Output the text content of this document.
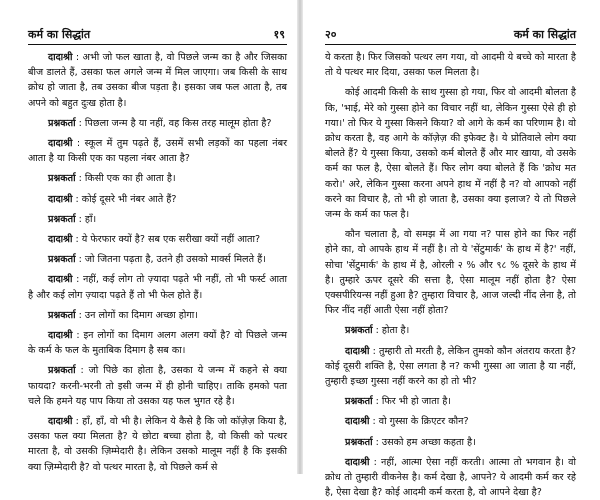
कर्म का सिद्धांत	१९

दादाश्री : अभी जो फल खाता है, वो पिछले जन्म का है और जिसका बीज डालते हैं, उसका फल अगले जन्म में मिल जाएगा। जब किसी के साथ क्रोध हो जाता है, तब उसका बीज पड़ता है। इसका जब फल आता है, तब अपने को बहुत दुःख होता है।

प्रश्नकर्ता : पिछला जन्म है या नहीं, वह किस तरह मालूम होता है?

दादाश्री : स्कूल में तुम पढ़ते हैं, उसमें सभी लड़कों का पहला नंबर आता है या किसी एक का पहला नंबर आता है?

प्रश्नकर्ता : किसी एक का ही आता है।

दादाश्री : कोई दूसरे भी नंबर आते हैं?

प्रश्नकर्ता : हाँ।

दादाश्री : ये फेरफार क्यों है? सब एक सरीखा क्यों नहीं आता?

प्रश्नकर्ता : जो जितना पढ़ता है, उतने ही उसको मार्क्स मिलते हैं।

दादाश्री : नहीं, कई लोग तो ज़्यादा पढ़ते भी नहीं, तो भी फर्स्ट आता है और कई लोग ज़्यादा पढ़ते हैं तो भी फेल होते हैं।

प्रश्नकर्ता : उन लोगों का दिमाग अच्छा होगा।

दादाश्री : इन लोगों का दिमाग अलग अलग क्यों है? वो पिछले जन्म के कर्म के फल के मुताबिक दिमाग है सब का।

प्रश्नकर्ता : जो पिछे का होता है, उसका ये जन्म में कहने से क्या फायदा? करनी-भरनी तो इसी जन्म में ही होनी चाहिए। ताकि हमको पता चले कि हमने यह पाप किया तो उसका यह फल भुगत रहे है।

दादाश्री : हाँ, हाँ, वो भी है। लेकिन ये कैसे है कि जो कॉज़ेज़ किया है, उसका फल क्या मिलता है? ये छोटा बच्चा होता है, वो किसी को पत्थर मारता है, वो उसकी ज़िम्मेदारी है। लेकिन उसको मालूम नहीं है कि इसकी क्या ज़िम्मेदारी है? वो पत्थर मारता है, वो पिछले कर्म से

२०	कर्म का सिद्धांत

ये करता है। फिर जिसको पत्थर लग गया, वो आदमी ये बच्चे को मारता है तो ये पत्थर मार दिया, उसका फल मिलता है।

कोई आदमी किसी के साथ गुस्सा हो गया, फिर वो आदमी बोलता है कि, 'भाई, मेरे को गुस्सा होने का विचार नहीं था, लेकिन गुस्सा ऐसे ही हो गया।' तो फिर ये गुस्सा किसने किया? वो आगे के कर्म का परिणाम है। वो क्रोध करता है, वह आगे के कॉज़ेज़ की इफेक्ट है। ये प्रोतिवाले लोग क्या बोलते हैं? ये गुस्सा किया, उसको कर्म बोलते हैं और मार खाया, वो उसके कर्म का फल है, ऐसा बोलते हैं। फिर लोग क्या बोलते हैं कि 'क्रोध मत करो।' अरे, लेकिन गुस्सा करना अपने हाथ में नहीं है न? वो आपको नहीं करने का विचार है, तो भी हो जाता है, उसका क्या इलाज? ये तो पिछले जन्म के कर्म का फल है।

कौन चलाता है, वो समझ में आ गया न? पास होने का फिर नहीं होने का, वो आपके हाथ में नहीं है। तो ये 'सेंटुमार्क' के हाथ में है?' नहीं, सोचा 'सेंटुमार्क' के हाथ में है, ओरली २ % और ९८ % दूसरे के हाथ में है। तुम्हारे ऊपर दूसरे की सत्ता है, ऐसा मालूम नहीं होता है? ऐसा एक्सपीरियन्स नहीं हुआ है? तुम्हारा विचार है, आज जल्दी नींद लेना है, तो फिर नींद नहीं आती ऐसा नहीं होता?

प्रश्नकर्ता : होता है।

दादाश्री : तुम्हारी तो मरती है, लेकिन तुमको कौन अंतराय करता है? कोई दूसरी शक्ति है, ऐसा लगता है न? कभी गुस्सा आ जाता है या नहीं, तुम्हारी इच्छा गुस्सा नहीं करने का हो तो भी?

प्रश्नकर्ता : फिर भी हो जाता है।

दादाश्री : वो गुस्सा के क्रिएटर कौन?

प्रश्नकर्ता : उसको हम अच्छा कहता है।

दादाश्री : नहीं, आत्मा ऐसा नहीं करती। आत्मा तो भगवान है। वो क्रोध तो तुम्हारी वीकनेस है। कर्म देखा है, आपने? ये आदमी कर्म कर रहे है, ऐसा देखा है? कोई आदमी कर्म करता है, वो आपने देखा है?
